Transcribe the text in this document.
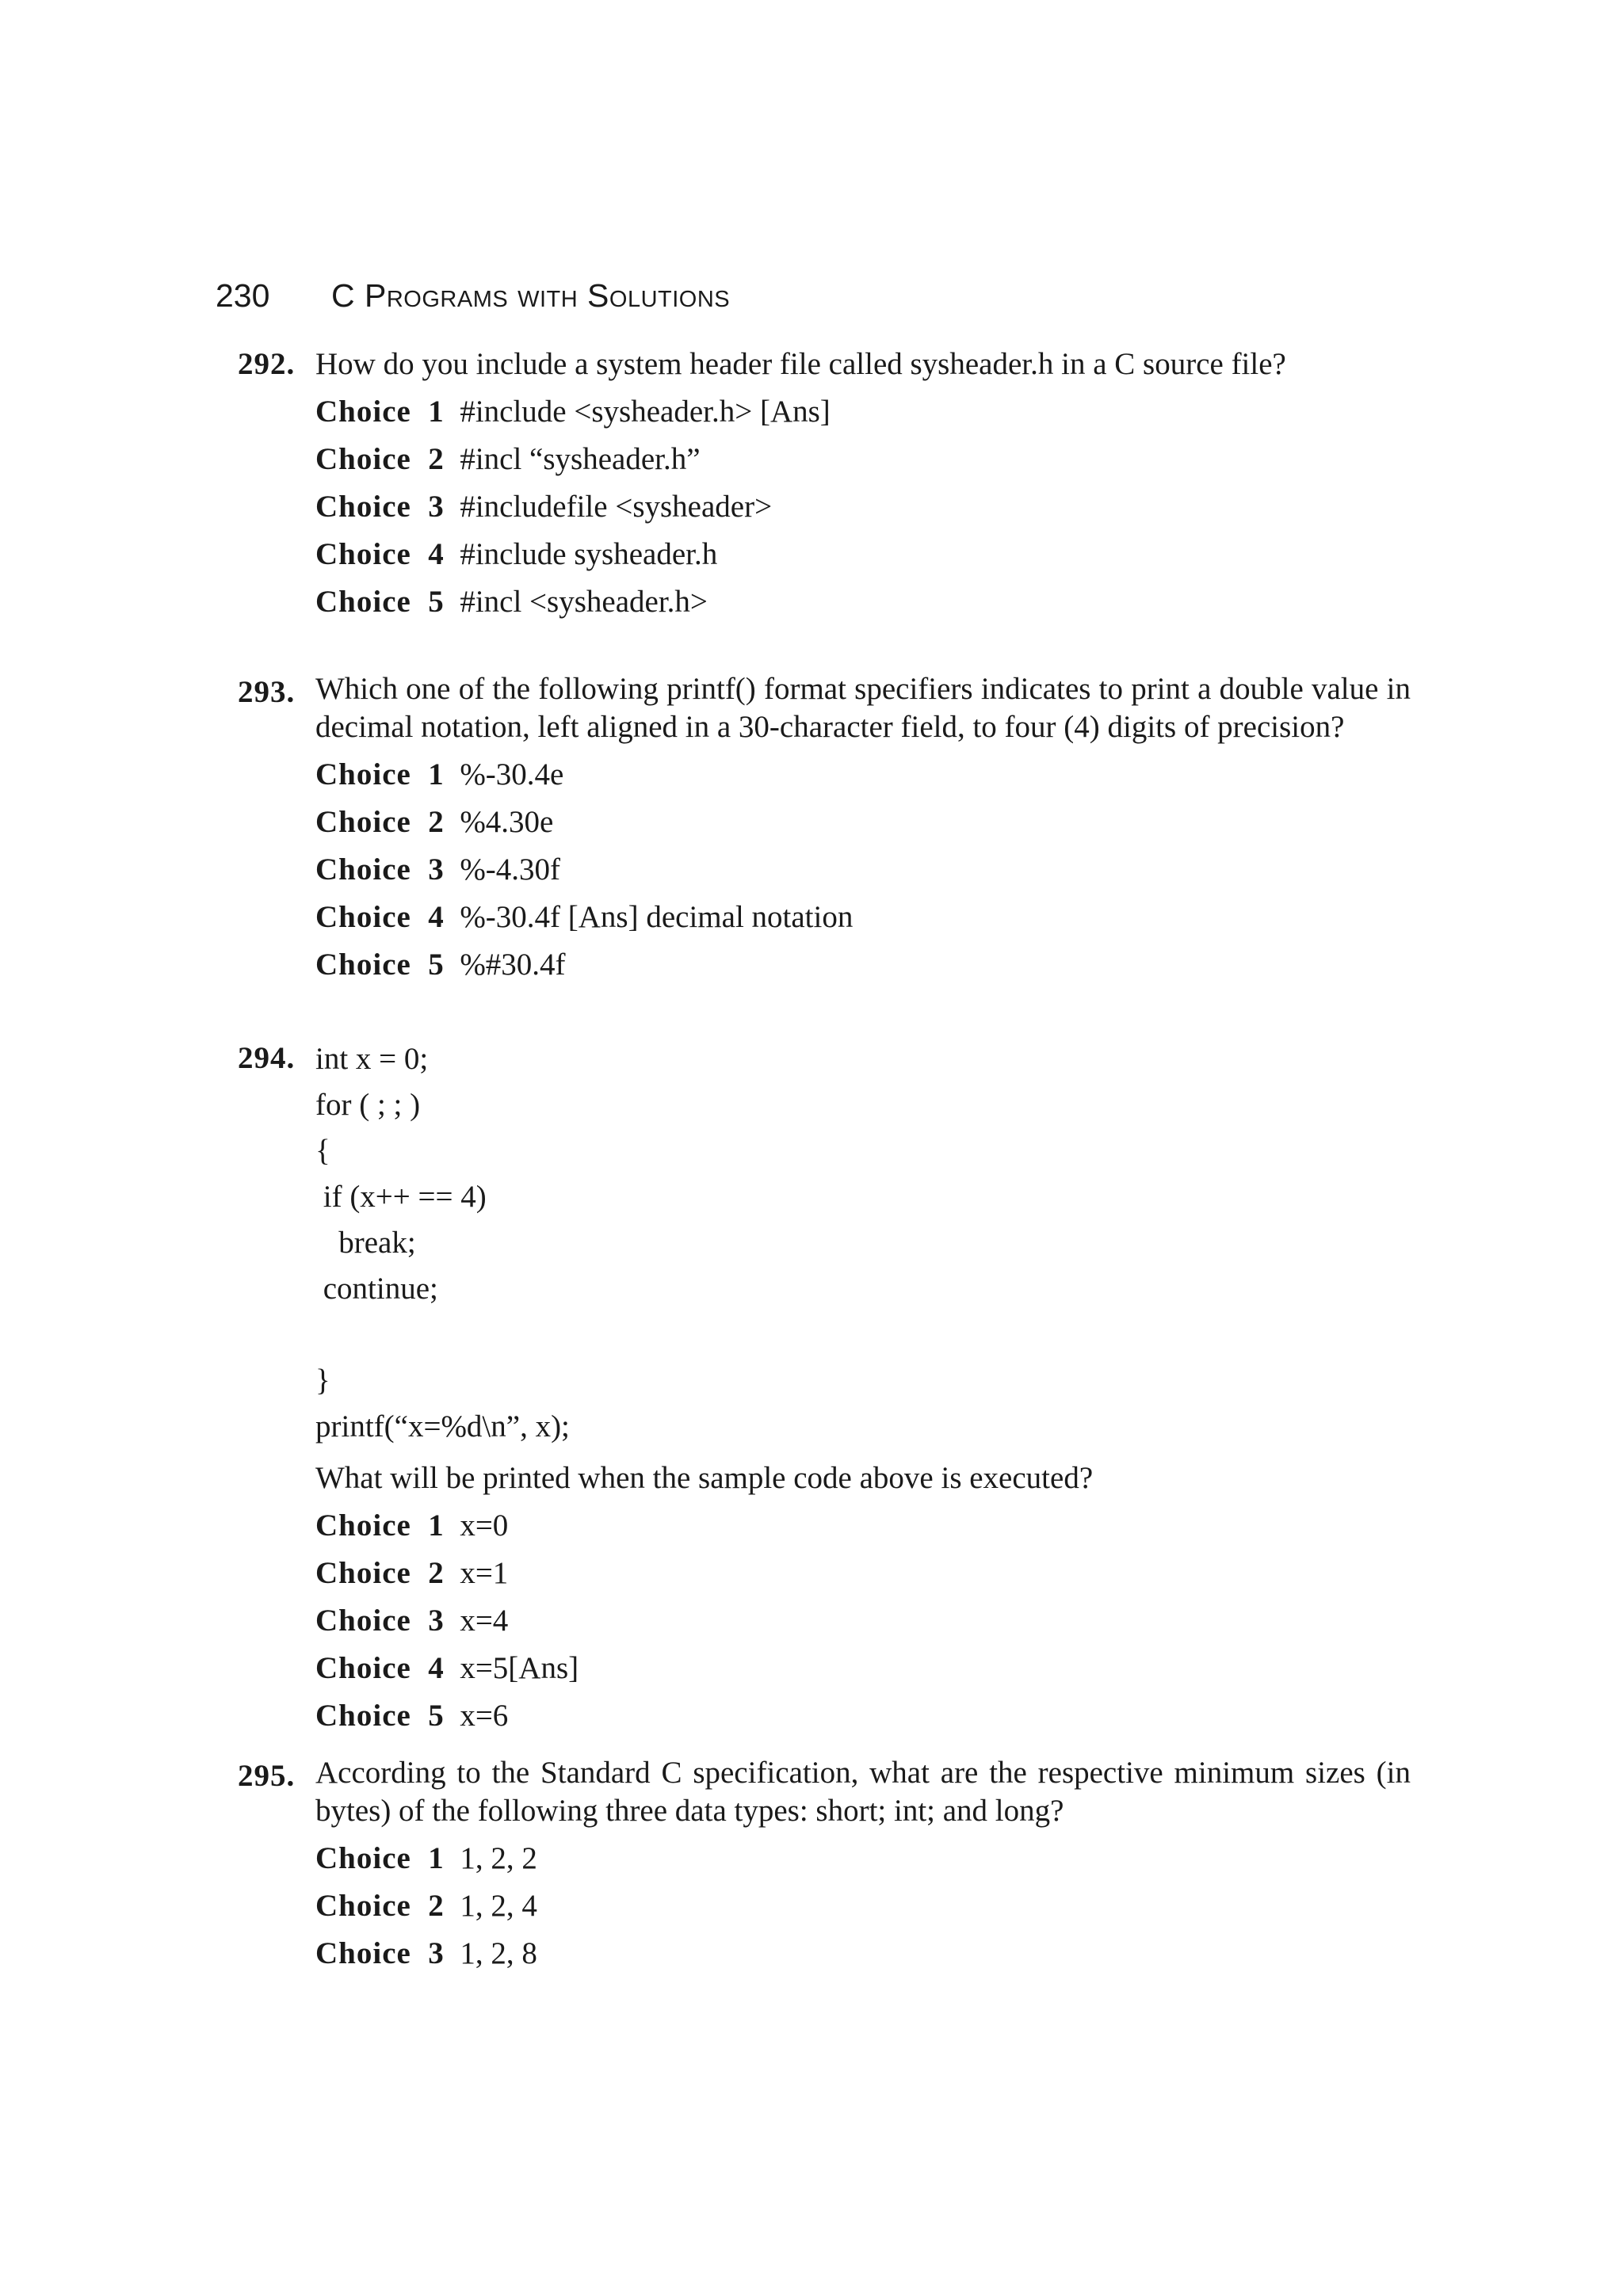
230 C Programs with Solutions
292. How do you include a system header file called sysheader.h in a C source file?
Choice  1 #include <sysheader.h> [Ans]
Choice  2 #incl “sysheader.h”
Choice  3 #includefile <sysheader>
Choice  4 #include sysheader.h
Choice  5 #incl <sysheader.h>
293. Which one of the following printf() format specifiers indicates to print a double value in decimal notation, left aligned in a 30-character field, to four (4) digits of precision?
Choice  1 %-30.4e
Choice  2 %4.30e
Choice  3 %-4.30f
Choice  4 %-30.4f [Ans] decimal notation
Choice  5 %#30.4f
294. int x = 0;
for ( ; ; )
{
if (x++ == 4)
break;
continue;
}
printf(“x=%d\n”, x);
What will be printed when the sample code above is executed?
Choice  1 x=0
Choice  2 x=1
Choice  3 x=4
Choice  4 x=5[Ans]
Choice  5 x=6
295. According to the Standard C specification, what are the respective minimum sizes (in bytes) of the following three data types: short; int; and long?
Choice  1 1, 2, 2
Choice  2 1, 2, 4
Choice  3 1, 2, 8
